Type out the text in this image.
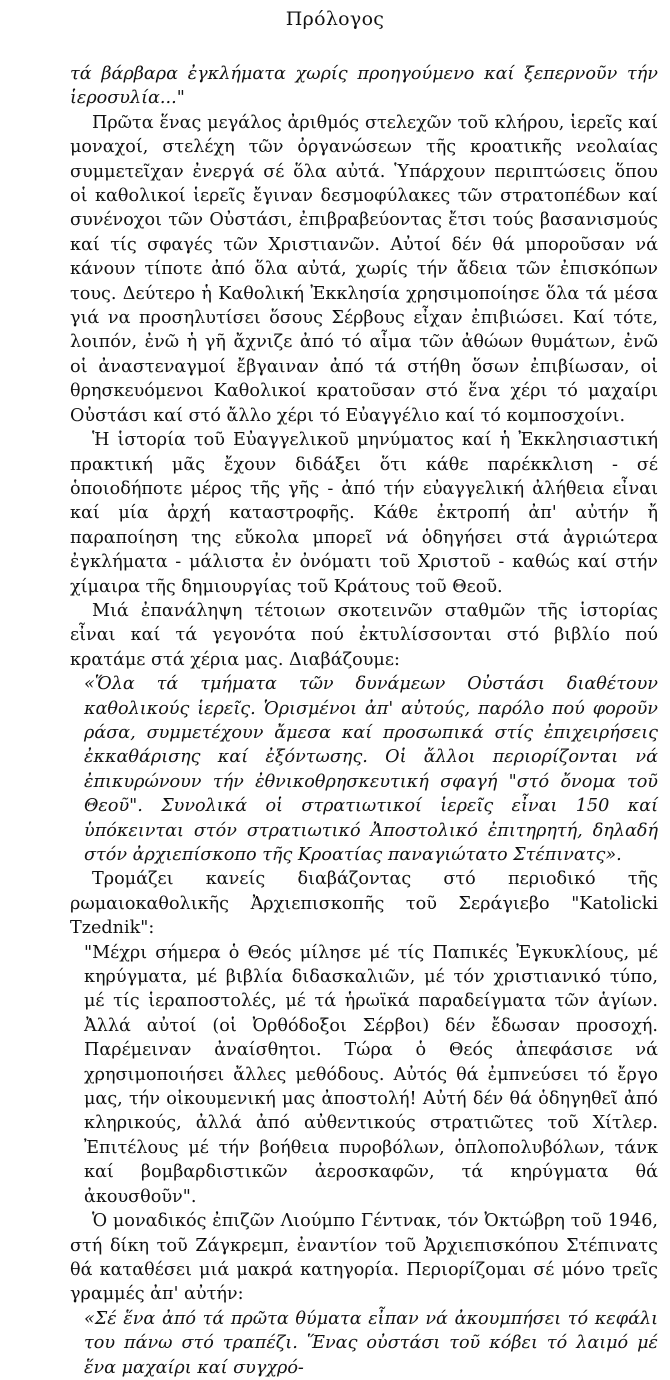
Πρόλογος

τά βάρβαρα ἐγκλήματα χωρίς προηγούμενο καί ξεπερνοῦν τήν ἱεροσυλία..."

Πρῶτα ἕνας μεγάλος ἀριθμός στελεχῶν τοῦ κλήρου, ἱερεῖς καί μοναχοί, στελέχη τῶν ὀργανώσεων τῆς κροατικῆς νεολαίας συμμετεῖχαν ἐνεργά σέ ὅλα αὐτά. Ὑπάρχουν περιπτώσεις ὅπου οἱ καθολικοί ἱερεῖς ἔγιναν δεσμοφύλακες τῶν στρατοπέδων καί συνένοχοι τῶν Οὐστάσι, ἐπιβραβεύοντας ἔτσι τούς βασανισμούς καί τίς σφαγές τῶν Χριστιανῶν. Αὐτοί δέν θά μποροῦσαν νά κάνουν τίποτε ἀπό ὅλα αὐτά, χωρίς τήν ἄδεια τῶν ἐπισκόπων τους. Δεύτερο ἡ Καθολική Ἐκκλησία χρησιμοποίησε ὅλα τά μέσα γιά να προσηλυτίσει ὅσους Σέρβους εἶχαν ἐπιβιώσει. Καί τότε, λοιπόν, ἐνῶ ἡ γῆ ἄχνιζε ἀπό τό αἷμα τῶν ἀθώων θυμάτων, ἐνῶ οἱ ἀναστεναγμοί ἔβγαιναν ἀπό τά στήθη ὅσων ἐπιβίωσαν, οἱ θρησκευόμενοι Καθολικοί κρατοῦσαν στό ἕνα χέρι τό μαχαίρι Οὐστάσι καί στό ἄλλο χέρι τό Εὐαγγέλιο καί τό κομποσχοίνι.

Ἡ ἱστορία τοῦ Εὐαγγελικοῦ μηνύματος καί ἡ Ἐκκλησιαστική πρακτική μᾶς ἔχουν διδάξει ὅτι κάθε παρέκκλιση - σέ ὁποιοδήποτε μέρος τῆς γῆς - ἀπό τήν εὐαγγελική ἀλήθεια εἶναι καί μία ἀρχή καταστροφῆς. Κάθε ἐκτροπή ἀπ' αὐτήν ἤ παραποίηση της εὔκολα μπορεῖ νά ὁδηγήσει στά ἀγριώτερα ἐγκλήματα - μάλιστα ἐν ὀνόματι τοῦ Χριστοῦ - καθώς καί στήν χίμαιρα τῆς δημιουργίας τοῦ Κράτους τοῦ Θεοῦ.

Μιά ἐπανάληψη τέτοιων σκοτεινῶν σταθμῶν τῆς ἱστορίας εἶναι καί τά γεγονότα πού ἐκτυλίσσονται στό βιβλίο πού κρατάμε στά χέρια μας. Διαβάζουμε:

«Ὅλα τά τμήματα τῶν δυνάμεων Οὐστάσι διαθέτουν καθολικούς ἱερεῖς. Ὁρισμένοι ἀπ' αὐτούς, παρόλο πού φοροῦν ράσα, συμμετέχουν ἄμεσα καί προσωπικά στίς ἐπιχειρήσεις ἐκκαθάρισης καί ἐξόντωσης. Οἱ ἄλλοι περιορίζονται νά ἐπικυρώνουν τήν ἐθνικοθρησκευτική σφαγή "στό ὄνομα τοῦ Θεοῦ". Συνολικά οἱ στρατιωτικοί ἱερεῖς εἶναι 150 καί ὑπόκεινται στόν στρατιωτικό Ἀποστολικό ἐπιτηρητή, δηλαδή στόν ἀρχιεπίσκοπο τῆς Κροατίας παναγιώτατο Στέπινατς».

Τρομάζει κανείς διαβάζοντας στό περιοδικό τῆς ρωμαιοκαθολικῆς Ἀρχιεπισκοπῆς τοῦ Σεράγιεβο "Katolicki Tzednik":

"Μέχρι σήμερα ὁ Θεός μίλησε μέ τίς Παπικές Ἐγκυκλίους, μέ κηρύγματα, μέ βιβλία διδασκαλιῶν, μέ τόν χριστιανικό τύπο, μέ τίς ἱεραποστολές, μέ τά ἡρωϊκά παραδείγματα τῶν ἁγίων. Ἀλλά αὐτοί (οἱ Ὀρθόδοξοι Σέρβοι) δέν ἔδωσαν προσοχή. Παρέμειναν ἀναίσθητοι. Τώρα ὁ Θεός ἀπεφάσισε νά χρησιμοποιήσει ἄλλες μεθόδους. Αὐτός θά ἐμπνεύσει τό ἔργο μας, τήν οἰκουμενική μας ἀποστολή! Αὐτή δέν θά ὁδηγηθεῖ ἀπό κληρικούς, ἀλλά ἀπό αὐθεντικούς στρατιῶτες τοῦ Χίτλερ. Ἐπιτέλους μέ τήν βοήθεια πυροβόλων, ὁπλοπολυβόλων, τάνκ καί βομβαρδιστικῶν ἀεροσκαφῶν, τά κηρύγματα θά ἀκουσθοῦν".

Ὁ μοναδικός ἐπιζῶν Λιούμπο Γέντνακ, τόν Ὀκτώβρη τοῦ 1946, στή δίκη τοῦ Ζάγκρεμπ, ἐναντίον τοῦ Ἀρχιεπισκόπου Στέπινατς θά καταθέσει μιά μακρά κατηγορία. Περιορίζομαι σέ μόνο τρεῖς γραμμές ἀπ' αὐτήν:

«Σέ ἕνα ἀπό τά πρῶτα θύματα εἶπαν νά ἀκουμπήσει τό κεφάλι του πάνω στό τραπέζι. Ἕνας οὐστάσι τοῦ κόβει τό λαιμό μέ ἕνα μαχαίρι καί συγχρό-
